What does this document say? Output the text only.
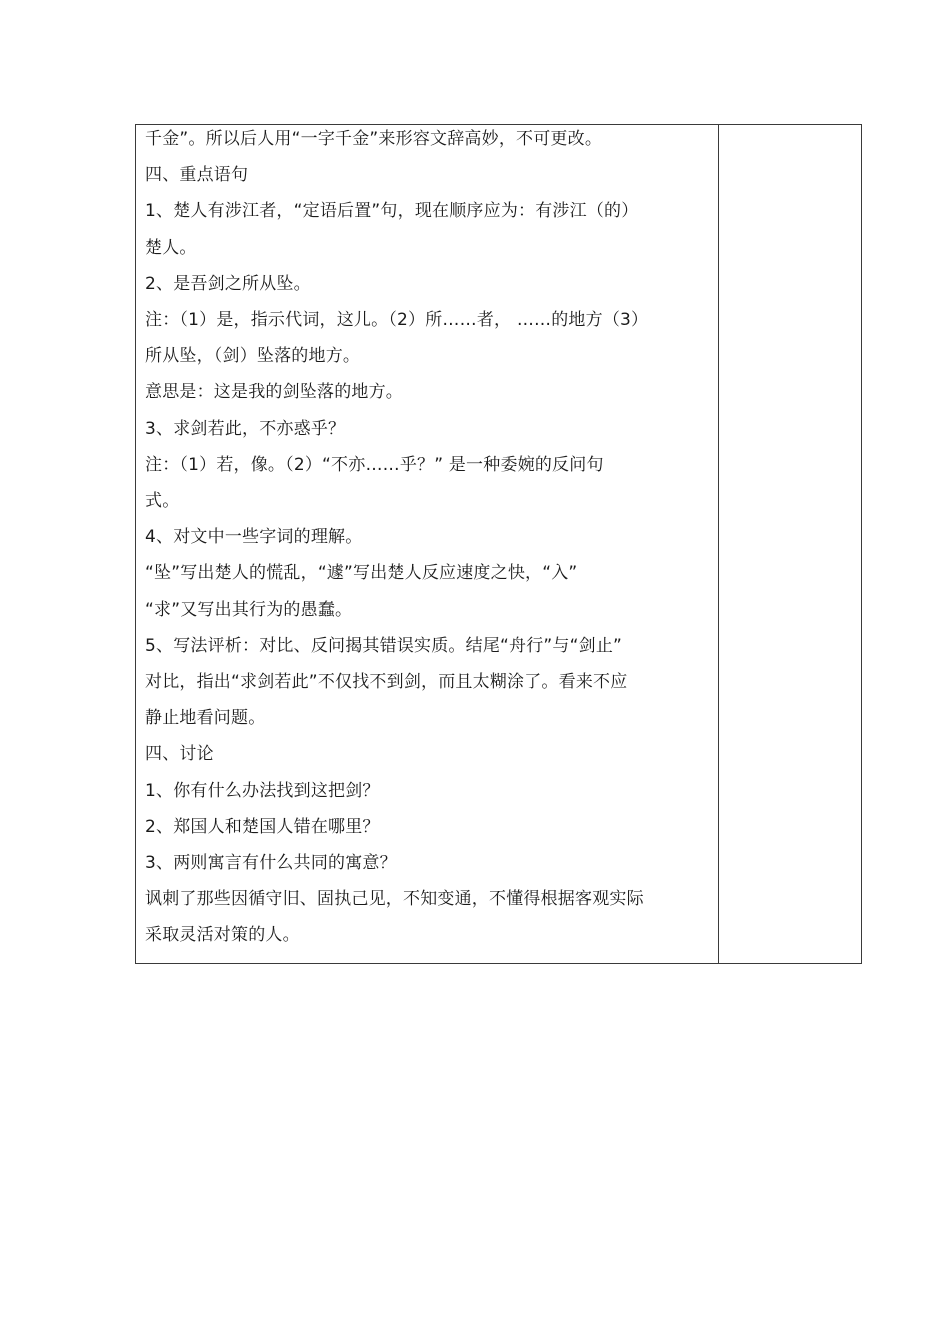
千金”。所以后人用“一字千金”来形容文辞高妙，不可更改。
四、重点语句
1、楚人有涉江者，“定语后置”句，现在顺序应为：有涉江（的）
楚人。
2、是吾剑之所从坠。
注：（1）是，指示代词，这儿。（2）所……者， ……的地方（3）
所从坠，（剑）坠落的地方。
意思是：这是我的剑坠落的地方。
3、求剑若此，不亦惑乎？
注：（1）若，像。（2）“不亦……乎？” 是一种委婉的反问句
式。
4、对文中一些字词的理解。
“坠”写出楚人的慌乱，“遽”写出楚人反应速度之快，“入”
“求”又写出其行为的愚蠢。
5、写法评析：对比、反问揭其错误实质。结尾“舟行”与“剑止”
对比，指出“求剑若此”不仅找不到剑，而且太糊涂了。看来不应
静止地看问题。
四、讨论
1、你有什么办法找到这把剑？
2、郑国人和楚国人错在哪里？
3、两则寓言有什么共同的寓意？
讽刺了那些因循守旧、固执己见，不知变通，不懂得根据客观实际
采取灵活对策的人。
